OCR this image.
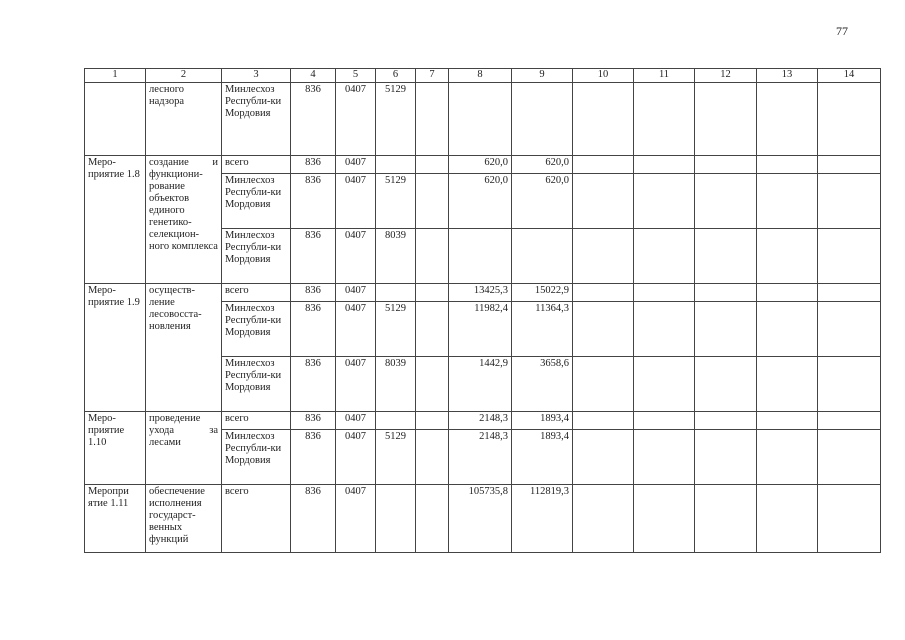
77
1	2	3	4	5	6	7	8	9	10	11	12	13	14
	лесного надзора	Минлесхоз Республи-ки Мордовия	836	0407	5129								
Меро-приятие 1.8	создание и функциони-рование объектов единого генетико-селекцион-ного комплекса	всего	836	0407			620,0	620,0					
		Минлесхоз Республи-ки Мордовия	836	0407	5129		620,0	620,0					
		Минлесхоз Республи-ки Мордовия	836	0407	8039								
Меро-приятие 1.9	осуществ-ление лесовосста-новления	всего	836	0407			13425,3	15022,9					
		Минлесхоз Республи-ки Мордовия	836	0407	5129		11982,4	11364,3					
		Минлесхоз Республи-ки Мордовия	836	0407	8039		1442,9	3658,6					
Меро-приятие 1.10	проведение ухода за лесами	всего	836	0407			2148,3	1893,4					
		Минлесхоз Республи-ки Мордовия	836	0407	5129		2148,3	1893,4					
Меропри ятие 1.11	обеспечение исполнения государст-венных функций	всего	836	0407			105735,8	112819,3					
